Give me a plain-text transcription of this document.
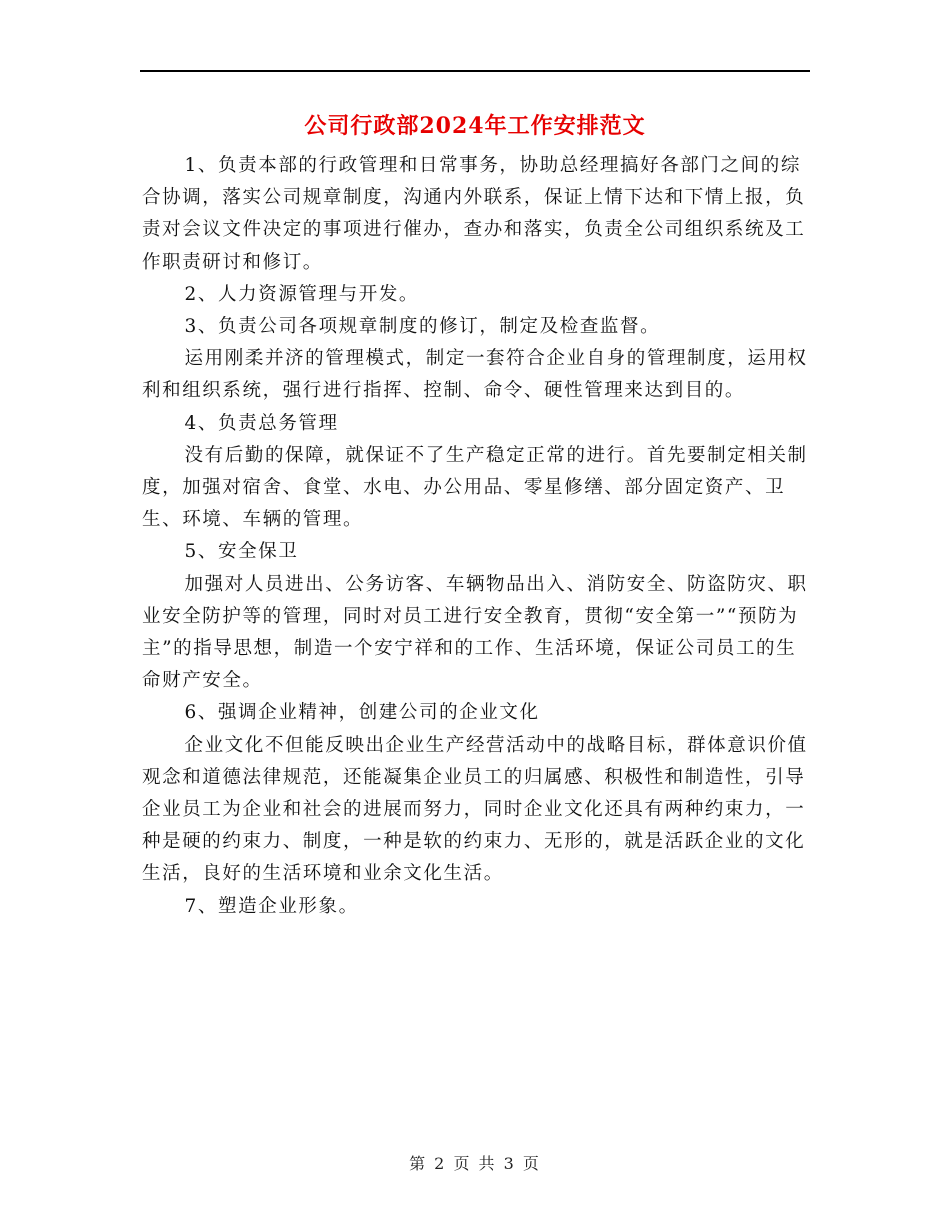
公司行政部2024年工作安排范文

1、负责本部的行政管理和日常事务，协助总经理搞好各部门之间的综合协调，落实公司规章制度，沟通内外联系，保证上情下达和下情上报，负责对会议文件决定的事项进行催办，查办和落实，负责全公司组织系统及工作职责研讨和修订。

2、人力资源管理与开发。

3、负责公司各项规章制度的修订，制定及检查监督。

运用刚柔并济的管理模式，制定一套符合企业自身的管理制度，运用权利和组织系统，强行进行指挥、控制、命令、硬性管理来达到目的。

4、负责总务管理

没有后勤的保障，就保证不了生产稳定正常的进行。首先要制定相关制度，加强对宿舍、食堂、水电、办公用品、零星修缮、部分固定资产、卫生、环境、车辆的管理。

5、安全保卫

加强对人员进出、公务访客、车辆物品出入、消防安全、防盗防灾、职业安全防护等的管理，同时对员工进行安全教育，贯彻“安全第一”“预防为主”的指导思想，制造一个安宁祥和的工作、生活环境，保证公司员工的生命财产安全。

6、强调企业精神，创建公司的企业文化

企业文化不但能反映出企业生产经营活动中的战略目标，群体意识价值观念和道德法律规范，还能凝集企业员工的归属感、积极性和制造性，引导企业员工为企业和社会的进展而努力，同时企业文化还具有两种约束力，一种是硬的约束力、制度，一种是软的约束力、无形的，就是活跃企业的文化生活，良好的生活环境和业余文化生活。

7、塑造企业形象。

第 2 页 共 3 页
